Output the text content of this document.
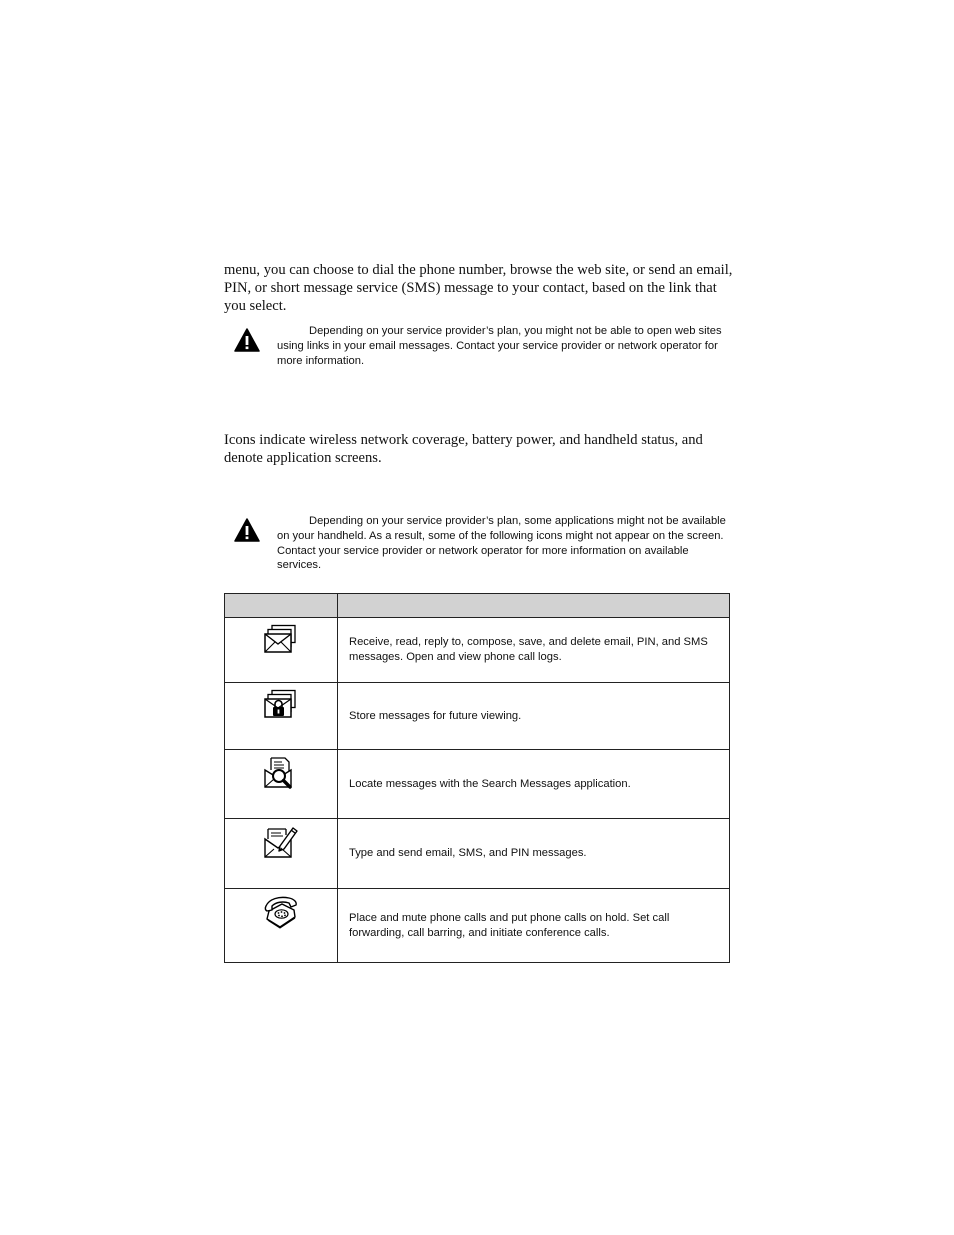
menu, you can choose to dial the phone number, browse the web site, or send an email, PIN, or short message service (SMS) message to your contact, based on the link that you select.

Depending on your service provider’s plan, you might not be able to open web sites using links in your email messages. Contact your service provider or network operator for more information.

Icons indicate wireless network coverage, battery power, and handheld status, and denote application screens.

Depending on your service provider’s plan, some applications might not be available on your handheld. As a result, some of the following icons might not appear on the screen. Contact your service provider or network operator for more information on available services.

	Receive, read, reply to, compose, save, and delete email, PIN, and SMS messages. Open and view phone call logs.
	Store messages for future viewing.
	Locate messages with the Search Messages application.
	Type and send email, SMS, and PIN messages.
	Place and mute phone calls and put phone calls on hold. Set call forwarding, call barring, and initiate conference calls.
